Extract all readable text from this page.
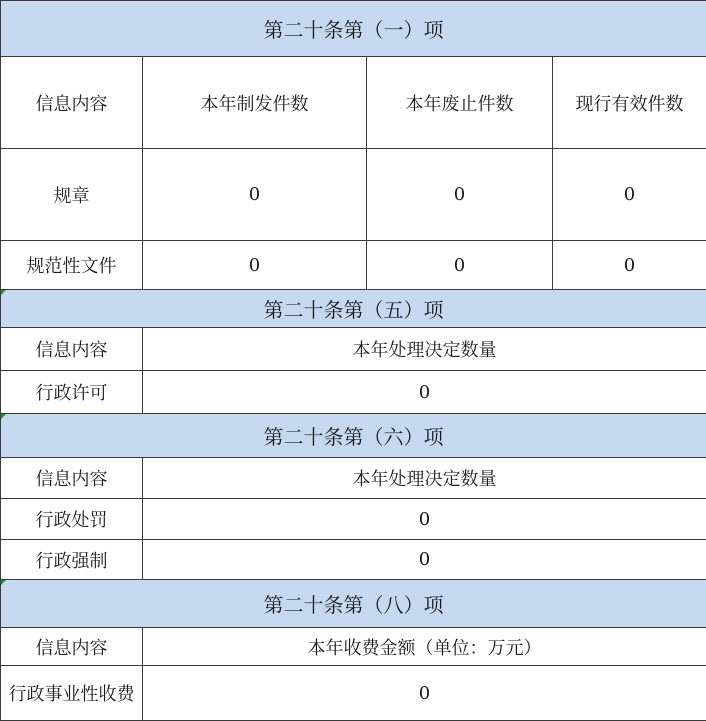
第二十条第（一）项			
信息内容	本年制发件数	本年废止件数	现行有效件数
规章	0	0	0
规范性文件	0	0	0
第二十条第（五）项			
信息内容	本年处理决定数量		
行政许可	0		
第二十条第（六）项			
信息内容	本年处理决定数量		
行政处罚	0		
行政强制	0		
第二十条第（八）项			
信息内容	本年收费金额（单位：万元）		
行政事业性收费	0		
